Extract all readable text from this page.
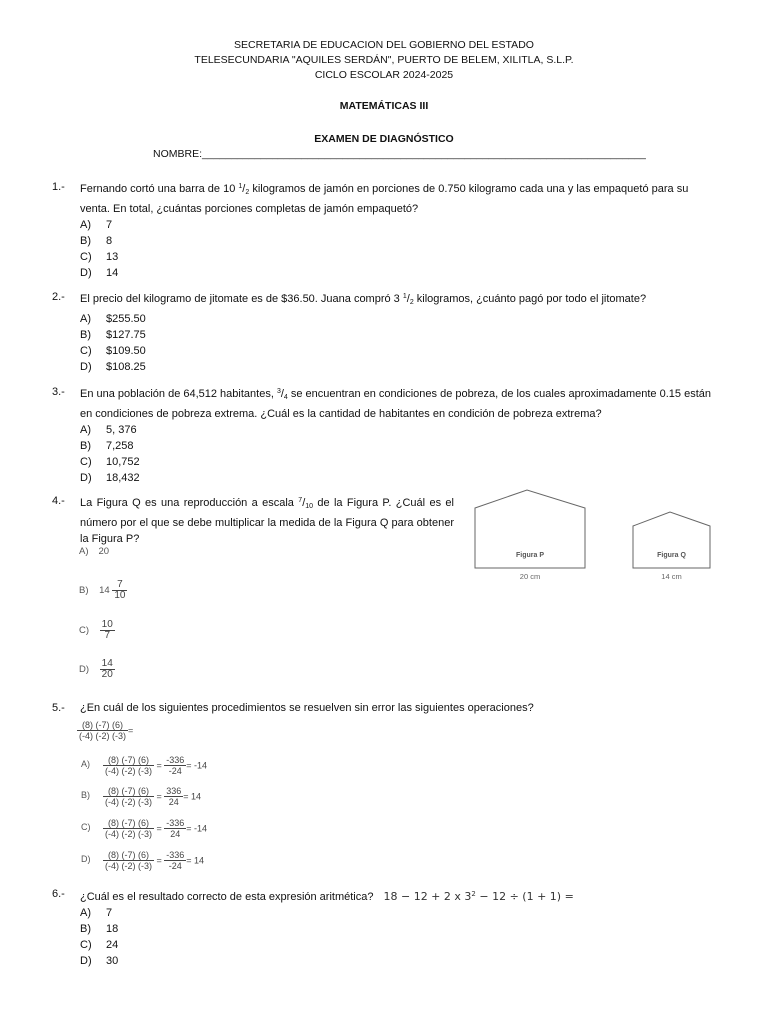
SECRETARIA DE EDUCACION DEL GOBIERNO DEL ESTADO
TELESECUNDARIA "AQUILES SERDÁN", PUERTO DE BELEM, XILITLA, S.L.P.
CICLO ESCOLAR 2024-2025
MATEMÁTICAS III
EXAMEN DE DIAGNÓSTICO
NOMBRE:____________________________________________________________________________
1.- Fernando cortó una barra de 10 $^1/_2$ kilogramos de jamón en porciones de 0.750 kilogramo cada una y las empaquetó para su venta. En total, ¿cuántas porciones completas de jamón empaquetó?
A) 7
B) 8
C) 13
D) 14
2.- El precio del kilogramo de jitomate es de $36.50. Juana compró 3 $^1/_2$ kilogramos, ¿cuánto pagó por todo el jitomate?
A) $255.50
B) $127.75
C) $109.50
D) $108.25
3.- En una población de 64,512 habitantes, $^3/_4$ se encuentran en condiciones de pobreza, de los cuales aproximadamente 0.15 están en condiciones de pobreza extrema. ¿Cuál es la cantidad de habitantes en condición de pobreza extrema?
A) 5, 376
B) 7,258
C) 10,752
D) 18,432
4.- La Figura Q es una reproducción a escala $^7/_{10}$ de la Figura P. ¿Cuál es el número por el que se debe multiplicar la medida de la Figura Q para obtener la Figura P?
A) 20
B) $14 \frac{7}{10}$
$C) \frac{10}{7}$
$D) \frac{14}{20}$
Figura P	Figura Q
20 cm	14 cm
5.- ¿En cuál de los siguientes procedimientos se resuelven sin error las siguientes operaciones?
$\frac{(8) (-7) (6)}{(-4) (-2) (-3)}$ =
$A) \frac{(8) (-7) (6)}{(-4) (-2) (-3)} = \frac{-336}{-24} = -14$
$B) \frac{(8) (-7) (6)}{(-4) (-2) (-3)} = \frac{336}{24} = 14$
$C) \frac{(8) (-7) (6)}{(-4) (-2) (-3)} = \frac{-336}{24} = -14$
$D) \frac{(8) (-7) (6)}{(-4) (-2) (-3)} = \frac{-336}{-24} = 14$
6.- ¿Cuál es el resultado correcto de esta expresión aritmética? 18 − 12 + 2 x $3^2 - 12 \div (1 + 1)$ =
A) 7
B) 18
C) 24
D) 30
